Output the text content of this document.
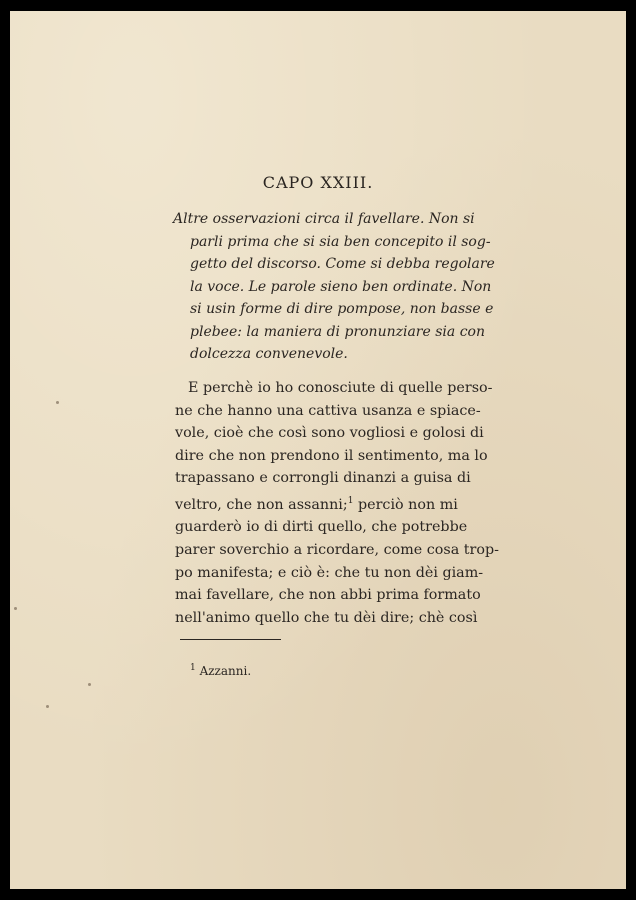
CAPO XXIII.
Altre osservazioni circa il favellare. Non si
parli prima che si sia ben concepito il sog-
getto del discorso. Come si debba regolare
la voce. Le parole sieno ben ordinate. Non
si usin forme di dire pompose, non basse e
plebee: la maniera di pronunziare sia con
dolcezza convenevole.
E perchè io ho conosciute di quelle perso-
ne che hanno una cattiva usanza e spiace-
vole, cioè che così sono vogliosi e golosi di
dire che non prendono il sentimento, ma lo
trapassano e corrongli dinanzi a guisa di
veltro, che non assanni;$^1$ perciò non mi
guarderò io di dirti quello, che potrebbe
parer soverchio a ricordare, come cosa trop-
po manifesta; e ciò è: che tu non dèi giam-
mai favellare, che non abbi prima formato
nell'animo quello che tu dèi dire; chè così
$^1$ Azzanni.
